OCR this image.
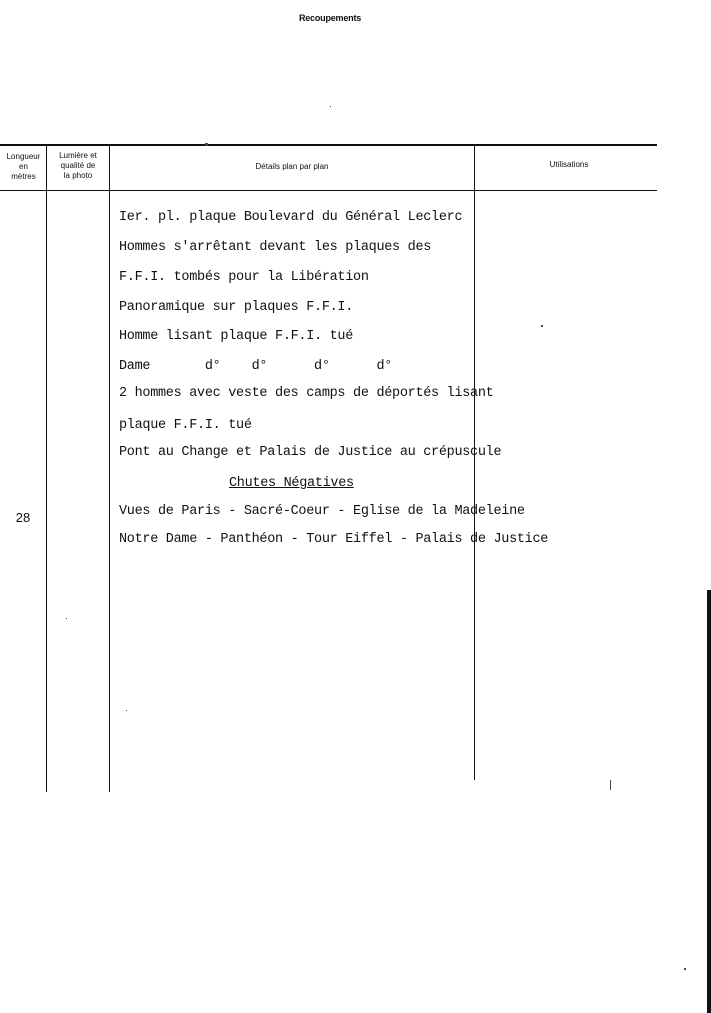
Recoupements
Longueur
en
mètres
Lumière et
qualité de
la photo
Détails plan par plan	Utilisations
28
Ier. pl. plaque Boulevard du Général Leclerc
Hommes s'arrêtant devant les plaques des
F.F.I. tombés pour la Libération
Panoramique sur plaques F.F.I.
Homme lisant plaque F.F.I. tué
Dame       d°    d°      d°      d°
2 hommes avec veste des camps de déportés lisant
plaque F.F.I. tué
Pont au Change et Palais de Justice au crépuscule
Chutes Négatives
Vues de Paris - Sacré-Coeur - Eglise de la Madeleine
Notre Dame - Panthéon - Tour Eiffel - Palais de Justice
